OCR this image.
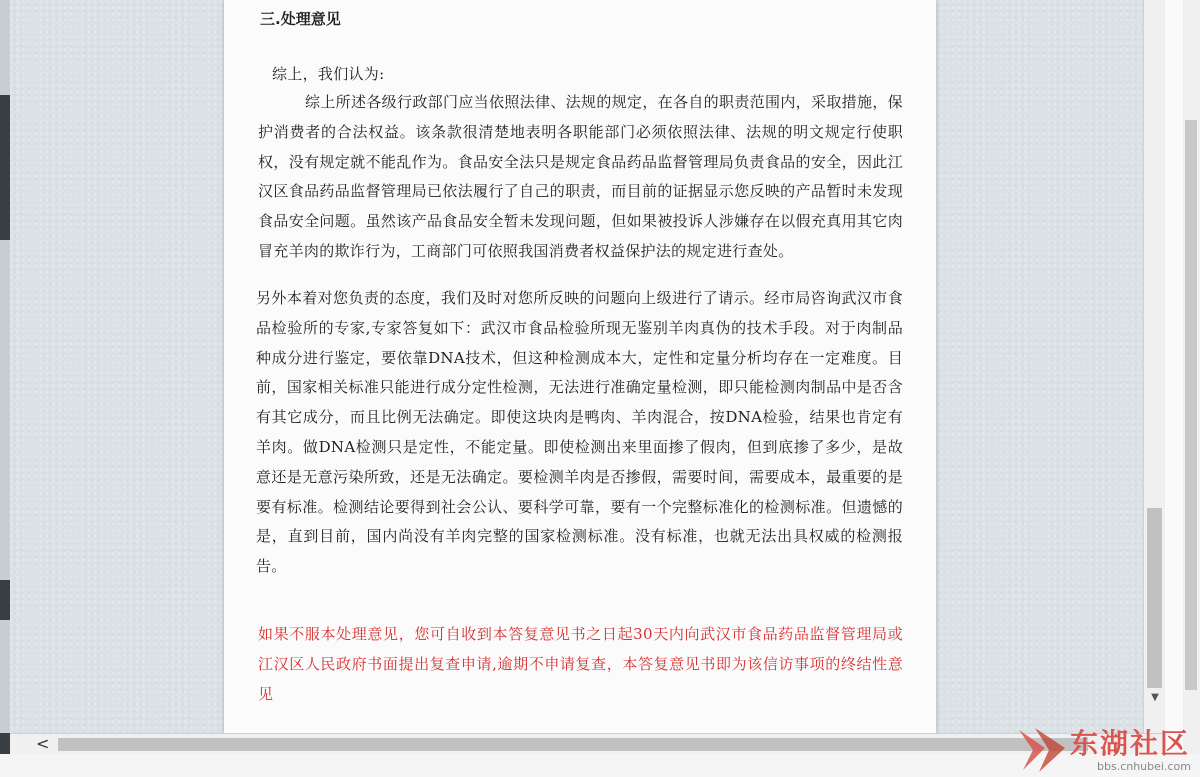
三.处理意见
综上，我们认为:
综上所述各级行政部门应当依照法律、法规的规定，在各自的职责范围内，采取措施，保护消费者的合法权益。该条款很清楚地表明各职能部门必须依照法律、法规的明文规定行使职权，没有规定就不能乱作为。食品安全法只是规定食品药品监督管理局负责食品的安全，因此江汉区食品药品监督管理局已依法履行了自己的职责，而目前的证据显示您反映的产品暂时未发现食品安全问题。虽然该产品食品安全暂未发现问题，但如果被投诉人涉嫌存在以假充真用其它肉冒充羊肉的欺诈行为，工商部门可依照我国消费者权益保护法的规定进行查处。
另外本着对您负责的态度，我们及时对您所反映的问题向上级进行了请示。经市局咨询武汉市食品检验所的专家,专家答复如下：武汉市食品检验所现无鉴别羊肉真伪的技术手段。对于肉制品种成分进行鉴定，要依靠DNA技术，但这种检测成本大，定性和定量分析均存在一定难度。目前，国家相关标准只能进行成分定性检测，无法进行准确定量检测，即只能检测肉制品中是否含有其它成分，而且比例无法确定。即使这块肉是鸭肉、羊肉混合，按DNA检验，结果也肯定有羊肉。做DNA检测只是定性，不能定量。即使检测出来里面掺了假肉，但到底掺了多少，是故意还是无意污染所致，还是无法确定。要检测羊肉是否掺假，需要时间，需要成本，最重要的是要有标准。检测结论要得到社会公认、要科学可靠，要有一个完整标准化的检测标准。但遗憾的是，直到目前，国内尚没有羊肉完整的国家检测标准。没有标准，也就无法出具权威的检测报告。
如果不服本处理意见，您可自收到本答复意见书之日起30天内向武汉市食品药品监督管理局或江汉区人民政府书面提出复查申请,逾期不申请复查，本答复意见书即为该信访事项的终结性意见	▼
<	东湖社区
bbs.cnhubei.com
